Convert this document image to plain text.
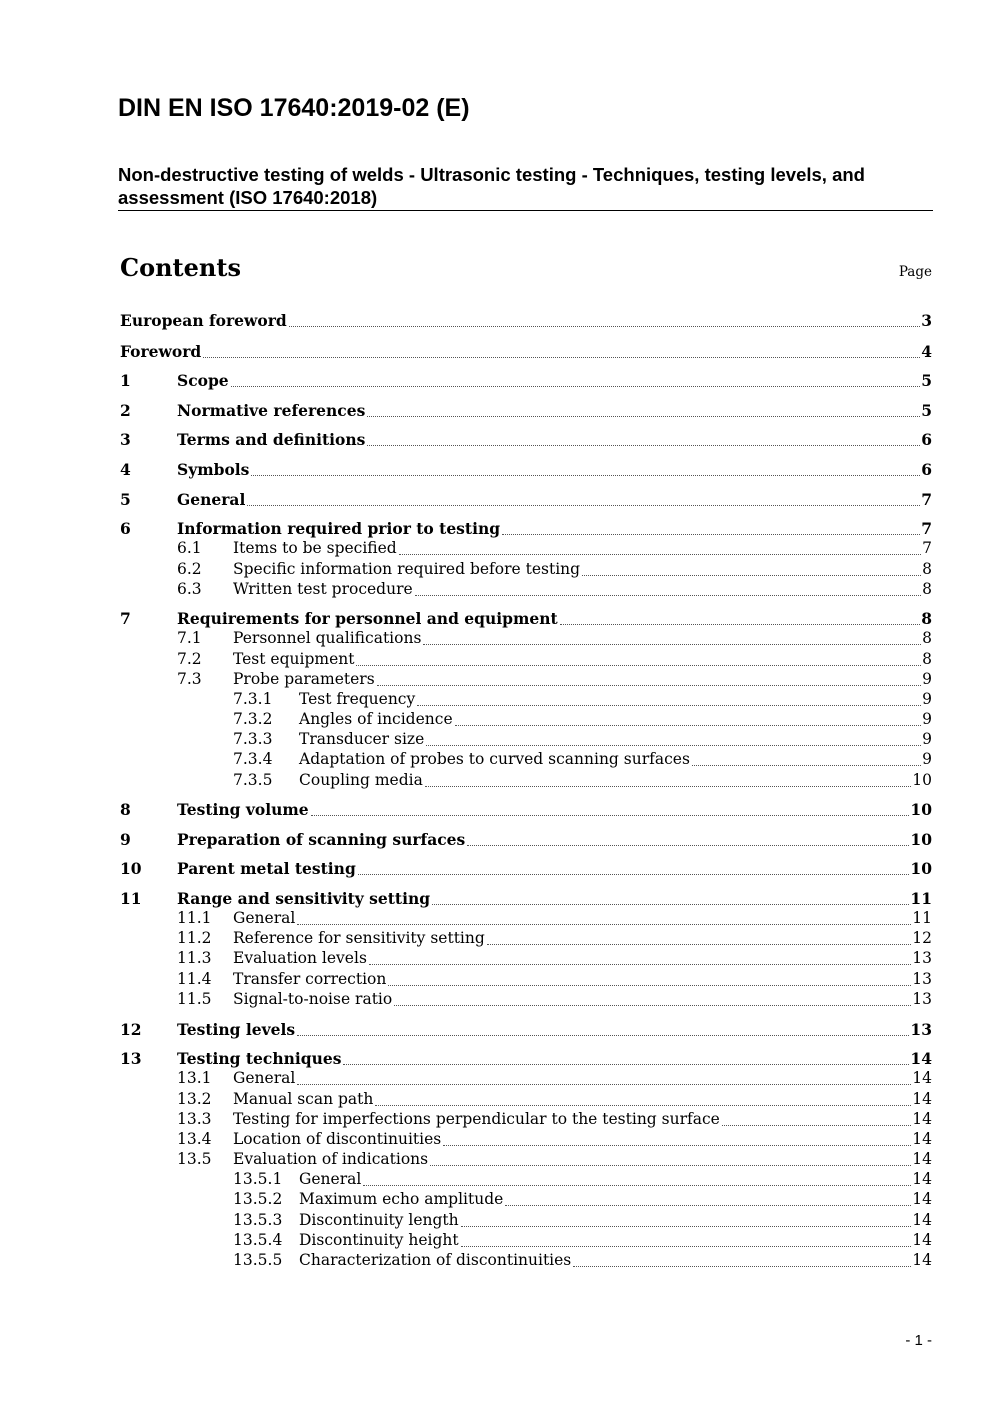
DIN EN ISO 17640:2019-02 (E)
Non-destructive testing of welds - Ultrasonic testing - Techniques, testing levels, and assessment (ISO 17640:2018)
Contents	Page
European foreword	3
Foreword	4
1	Scope	5
2	Normative references	5
3	Terms and definitions	6
4	Symbols	6
5	General	7
6	Information required prior to testing	7
6.1	Items to be specified	7
6.2	Specific information required before testing	8
6.3	Written test procedure	8
7	Requirements for personnel and equipment	8
7.1	Personnel qualifications	8
7.2	Test equipment	8
7.3	Probe parameters	9
7.3.1	Test frequency	9
7.3.2	Angles of incidence	9
7.3.3	Transducer size	9
7.3.4	Adaptation of probes to curved scanning surfaces	9
7.3.5	Coupling media	10
8	Testing volume	10
9	Preparation of scanning surfaces	10
10	Parent metal testing	10
11	Range and sensitivity setting	11
11.1	General	11
11.2	Reference for sensitivity setting	12
11.3	Evaluation levels	13
11.4	Transfer correction	13
11.5	Signal-to-noise ratio	13
12	Testing levels	13
13	Testing techniques	14
13.1	General	14
13.2	Manual scan path	14
13.3	Testing for imperfections perpendicular to the testing surface	14
13.4	Location of discontinuities	14
13.5	Evaluation of indications	14
13.5.1	General	14
13.5.2	Maximum echo amplitude	14
13.5.3	Discontinuity length	14
13.5.4	Discontinuity height	14
13.5.5	Characterization of discontinuities	14
- 1 -
